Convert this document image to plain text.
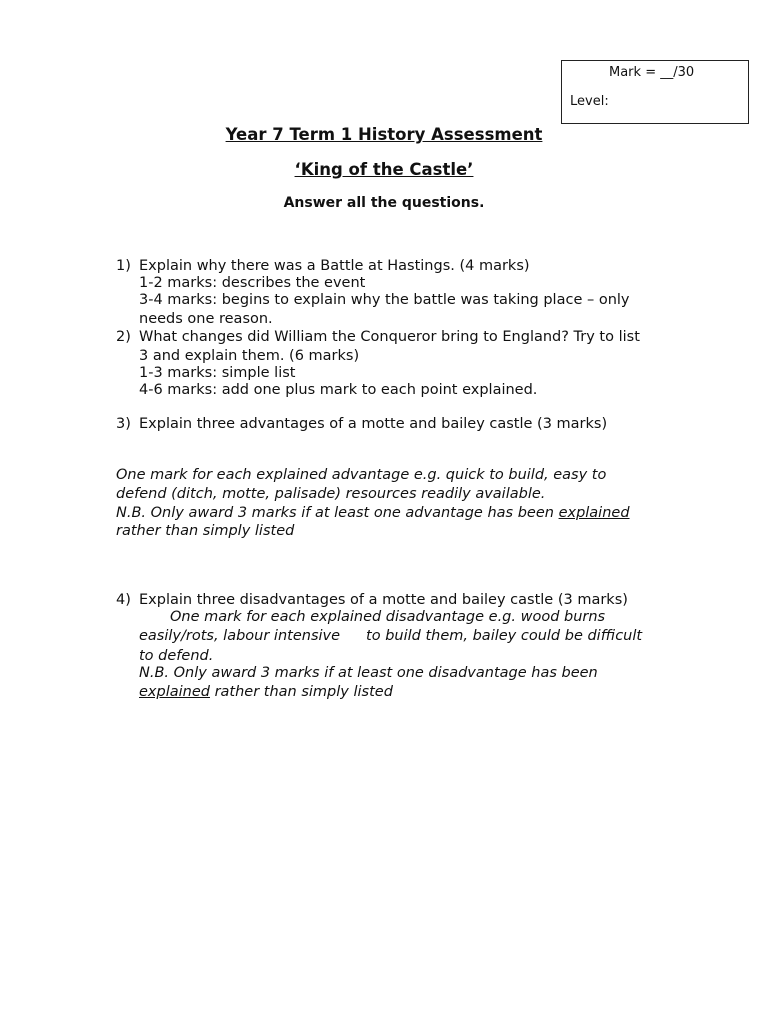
Mark = __/30
Level:
Year 7 Term 1 History Assessment
‘King of the Castle’
Answer all the questions.
1) Explain why there was a Battle at Hastings. (4 marks)
1-2 marks: describes the event
3-4 marks: begins to explain why the battle was taking place – only
needs one reason.
2) What changes did William the Conqueror bring to England? Try to list
3 and explain them. (6 marks)
1-3 marks: simple list
4-6 marks: add one plus mark to each point explained.
3) Explain three advantages of a motte and bailey castle (3 marks)
One mark for each explained advantage e.g. quick to build, easy to
defend (ditch, motte, palisade) resources readily available.
N.B. Only award 3 marks if at least one advantage has been explained
rather than simply listed
4) Explain three disadvantages of a motte and bailey castle (3 marks)
One mark for each explained disadvantage e.g. wood burns
easily/rots, labour intensive to build them, bailey could be difficult
to defend.
N.B. Only award 3 marks if at least one disadvantage has been
explained rather than simply listed
